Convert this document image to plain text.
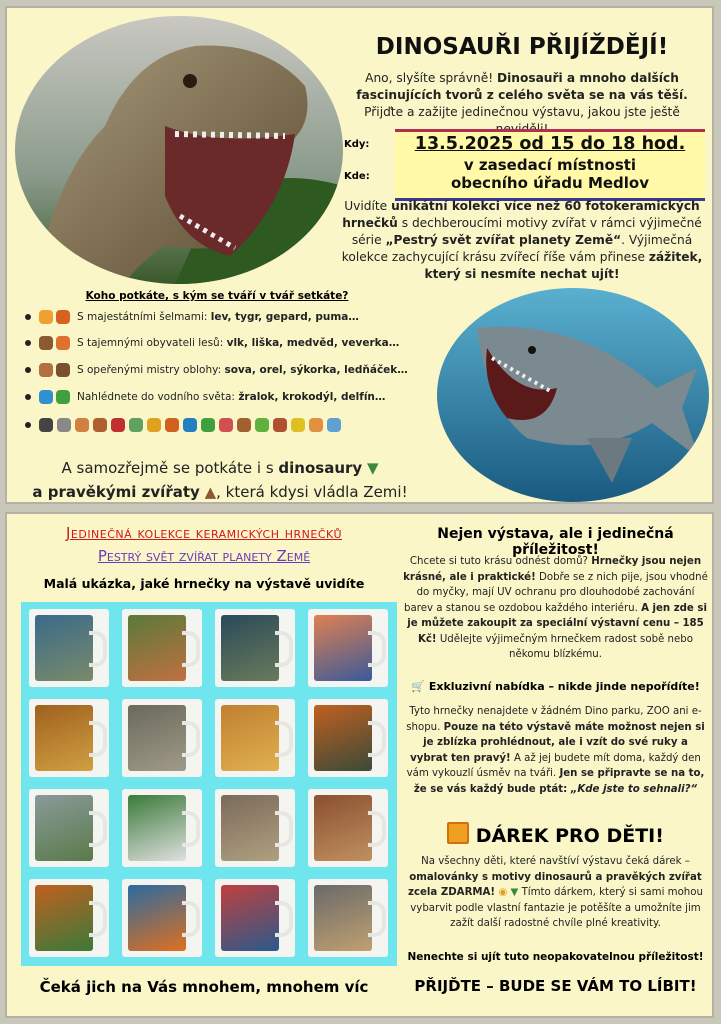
DINOSAUŘI PŘIJÍŽDĚJÍ!
Ano, slyšíte správně! Dinosauři a mnoho dalších fascinujících tvorů z celého světa se na vás těší. Přijďte a zažijte jedinečnou výstavu, jakou jste ještě
Kdy:
Kde:
13.5.2025 od 15 do 18 hod.
v zasedací místnosti
obecního úřadu Medlov
Uvidíte unikátní kolekci více než 60 fotokeramických hrnečků s dechberoucími motivy zvířat v rámci výjimečné série „Pestrý svět zvířat planety Země“. Výjimečná kolekce zachycující krásu zvířecí říše vám přinese zážitek, který si nesmíte nechat ujít!
Koho potkáte, s kým se tváří v tvář setkáte?
S majestátními šelmami: lev, tygr, gepard, puma…
S tajemnými obyvateli lesů: vlk, liška, medvěd, veverka…
S opeřenými mistry oblohy: sova, orel, sýkorka, ledňáček…
Nahlédnete do vodního světa: žralok, krokodýl, delfín…
A samozřejmě se potkáte i s dinosaury ▼
a pravěkými zvířaty ▲, která kdysi vládla Zemi!
Jedinečná kolekce keramických hrnečků
Pestrý svět zvířat planety Země
Malá ukázka, jaké hrnečky na výstavě uvidíte
Čeká jich na Vás mnohem, mnohem víc
Nejen výstava, ale i jedinečná příležitost!
Chcete si tuto krásu odnést domů? Hrnečky jsou nejen krásné, ale i praktické! Dobře se z nich pije, jsou vhodné do myčky, mají UV ochranu pro dlouhodobé zachování barev a stanou se ozdobou každého interiéru. A jen zde si je můžete zakoupit za speciální výstavní cenu – 185 Kč! Udělejte výjimečným hrnečkem radost sobě nebo někomu blízkému.
🛒 Exkluzivní nabídka – nikde jinde nepořídíte!
Tyto hrnečky nenajdete v žádném Dino parku, ZOO ani e-shopu. Pouze na této výstavě máte možnost nejen si je zblízka prohlédnout, ale i vzít do své ruky a vybrat ten pravý! A až jej budete mít doma, každý den vám vykouzlí úsměv na tváři. Jen se připravte se na to, že se vás každý bude ptát: „Kde jste to sehnali?“
DÁREK PRO DĚTI!
Na všechny děti, které navštíví výstavu čeká dárek – omalovánky s motivy dinosaurů a pravěkých zvířat zcela ZDARMA! ◉ ▼ Tímto dárkem, který si sami mohou vybarvit podle vlastní fantazie je potěšíte a umožníte jim zažít další radostné chvíle plné kreativity.
Nenechte si ujít tuto neopakovatelnou příležitost!
PŘIJĎTE – BUDE SE VÁM TO LÍBIT!
